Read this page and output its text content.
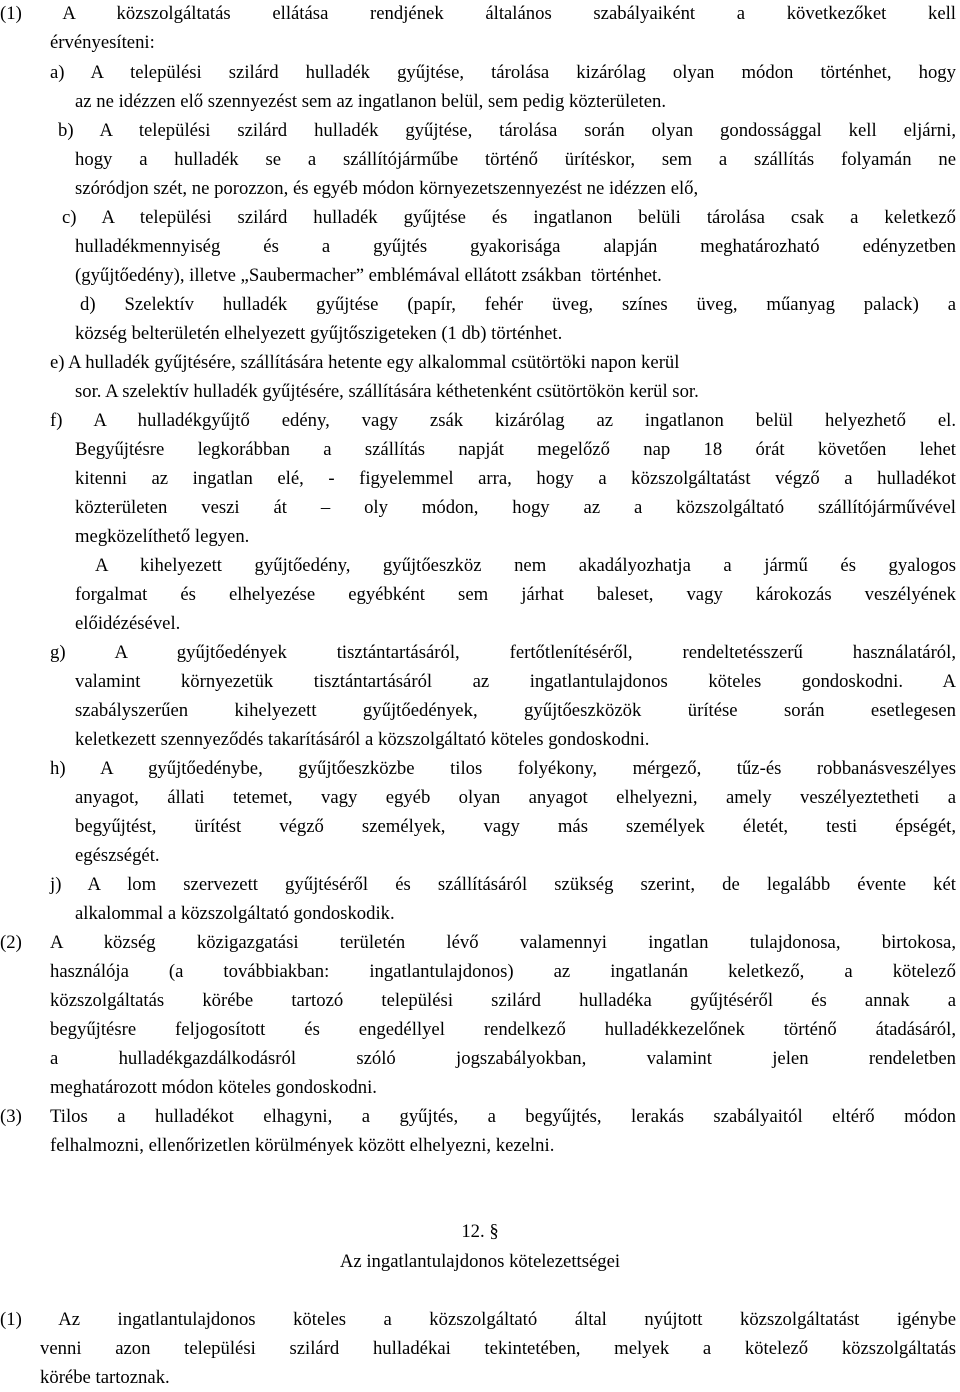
(1) A közszolgáltatás ellátása rendjének általános szabályaiként a következőket kell
érvényesíteni:
a) A települési szilárd hulladék gyűjtése, tárolása kizárólag olyan módon történhet, hogy
az ne idézzen elő szennyezést sem az ingatlanon belül, sem pedig közterületen.
b) A települési szilárd hulladék gyűjtése, tárolása során olyan gondossággal kell eljárni,
hogy a hulladék se a szállítójárműbe történő ürítéskor, sem a szállítás folyamán ne
szóródjon szét, ne porozzon, és egyéb módon környezetszennyezést ne idézzen elő,
c) A települési szilárd hulladék gyűjtése és ingatlanon belüli tárolása csak a keletkező
hulladékmennyiség és a gyűjtés gyakorisága alapján meghatározható edényzetben
(gyűjtőedény), illetve „Saubermacher” emblémával ellátott zsákban  történhet.
d) Szelektív hulladék gyűjtése (papír, fehér üveg, színes üveg, műanyag palack) a
község belterületén elhelyezett gyűjtőszigeteken (1 db) történhet.
e) A hulladék gyűjtésére, szállítására hetente egy alkalommal csütörtöki napon kerül
sor. A szelektív hulladék gyűjtésére, szállítására kéthetenként csütörtökön kerül sor.
f) A hulladékgyűjtő edény, vagy zsák kizárólag az ingatlanon belül helyezhető el.
Begyűjtésre legkorábban a szállítás napját megelőző nap 18 órát követően lehet
kitenni az ingatlan elé, - figyelemmel arra, hogy a közszolgáltatást végző a hulladékot
közterületen veszi át – oly módon, hogy az a közszolgáltató szállítójárművével
megközelíthető legyen.
A kihelyezett gyűjtőedény, gyűjtőeszköz nem akadályozhatja a jármű és gyalogos
forgalmat és elhelyezése egyébként sem járhat baleset, vagy károkozás veszélyének
előidézésével.
g) A gyűjtőedények tisztántartásáról, fertőtlenítéséről, rendeltetésszerű használatáról,
valamint környezetük tisztántartásáról az ingatlantulajdonos köteles gondoskodni. A
szabályszerűen kihelyezett gyűjtőedények, gyűjtőeszközök ürítése során esetlegesen
keletkezett szennyeződés takarításáról a közszolgáltató köteles gondoskodni.
h) A gyűjtőedénybe, gyűjtőeszközbe tilos folyékony, mérgező, tűz-és robbanásveszélyes
anyagot, állati tetemet, vagy egyéb olyan anyagot elhelyezni, amely veszélyeztetheti a
begyűjtést, ürítést végző személyek, vagy más személyek életét, testi épségét,
egészségét.
j) A lom szervezett gyűjtéséről és szállításáról szükség szerint, de legalább évente két
alkalommal a közszolgáltató gondoskodik.
(2) A község közigazgatási területén lévő valamennyi ingatlan tulajdonosa, birtokosa,
használója (a továbbiakban: ingatlantulajdonos) az ingatlanán keletkező, a kötelező
közszolgáltatás körébe tartozó települési szilárd hulladéka gyűjtéséről és annak a
begyűjtésre feljogosított és engedéllyel rendelkező hulladékkezelőnek történő átadásáról,
a hulladékgazdálkodásról szóló jogszabályokban, valamint jelen rendeletben
meghatározott módon köteles gondoskodni.
(3) Tilos a hulladékot elhagyni, a gyűjtés, a begyűjtés, lerakás szabályaitól eltérő módon
felhalmozni, ellenőrizetlen körülmények között elhelyezni, kezelni.
12. §
Az ingatlantulajdonos kötelezettségei
(1) Az ingatlantulajdonos köteles a közszolgáltató által nyújtott közszolgáltatást igénybe
venni azon települési szilárd hulladékai tekintetében, melyek a kötelező közszolgáltatás
körébe tartoznak.
